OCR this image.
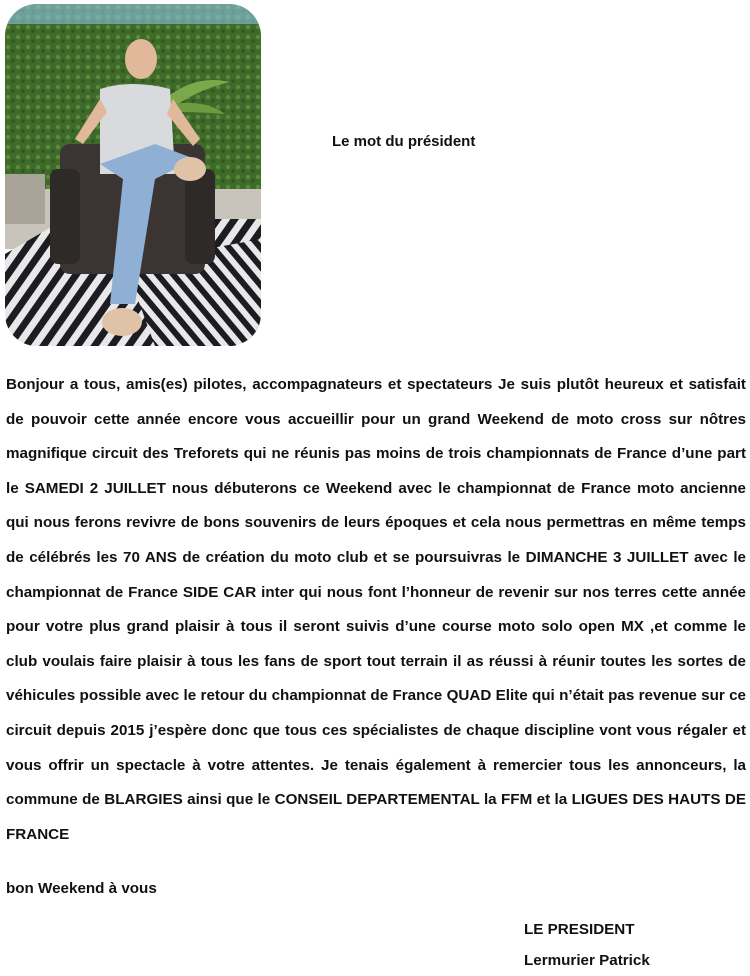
Le mot du président

Bonjour a tous, amis(es) pilotes, accompagnateurs et spectateurs Je suis plutôt heureux et satisfait de pouvoir cette année encore vous accueillir pour un grand Weekend de moto cross sur nôtres magnifique circuit des Treforets qui ne réunis pas moins de trois championnats de France d’une part le SAMEDI 2 JUILLET nous débuterons ce Weekend avec le championnat de France moto ancienne qui nous ferons revivre de bons souvenirs de leurs époques et cela nous permettras en même temps de célébrés les 70 ANS de création du moto club et se poursuivras le DIMANCHE 3 JUILLET avec le championnat de France SIDE CAR inter qui nous font l’honneur de revenir sur nos terres cette année pour votre plus grand plaisir à tous il seront suivis d’une course moto solo open MX ,et comme le club voulais faire plaisir à tous les fans de sport tout terrain il as réussi à réunir toutes les sortes de véhicules possible avec le retour du championnat de France QUAD Elite qui n’était pas revenue sur ce circuit depuis 2015 j’espère donc que tous ces spécialistes de chaque discipline vont vous régaler et vous offrir un spectacle à votre attentes. Je tenais également à remercier tous les annonceurs, la commune de BLARGIES ainsi que le CONSEIL DEPARTEMENTAL la FFM et la LIGUES DES HAUTS DE FRANCE

bon Weekend à vous

LE PRESIDENT
Lermurier Patrick
